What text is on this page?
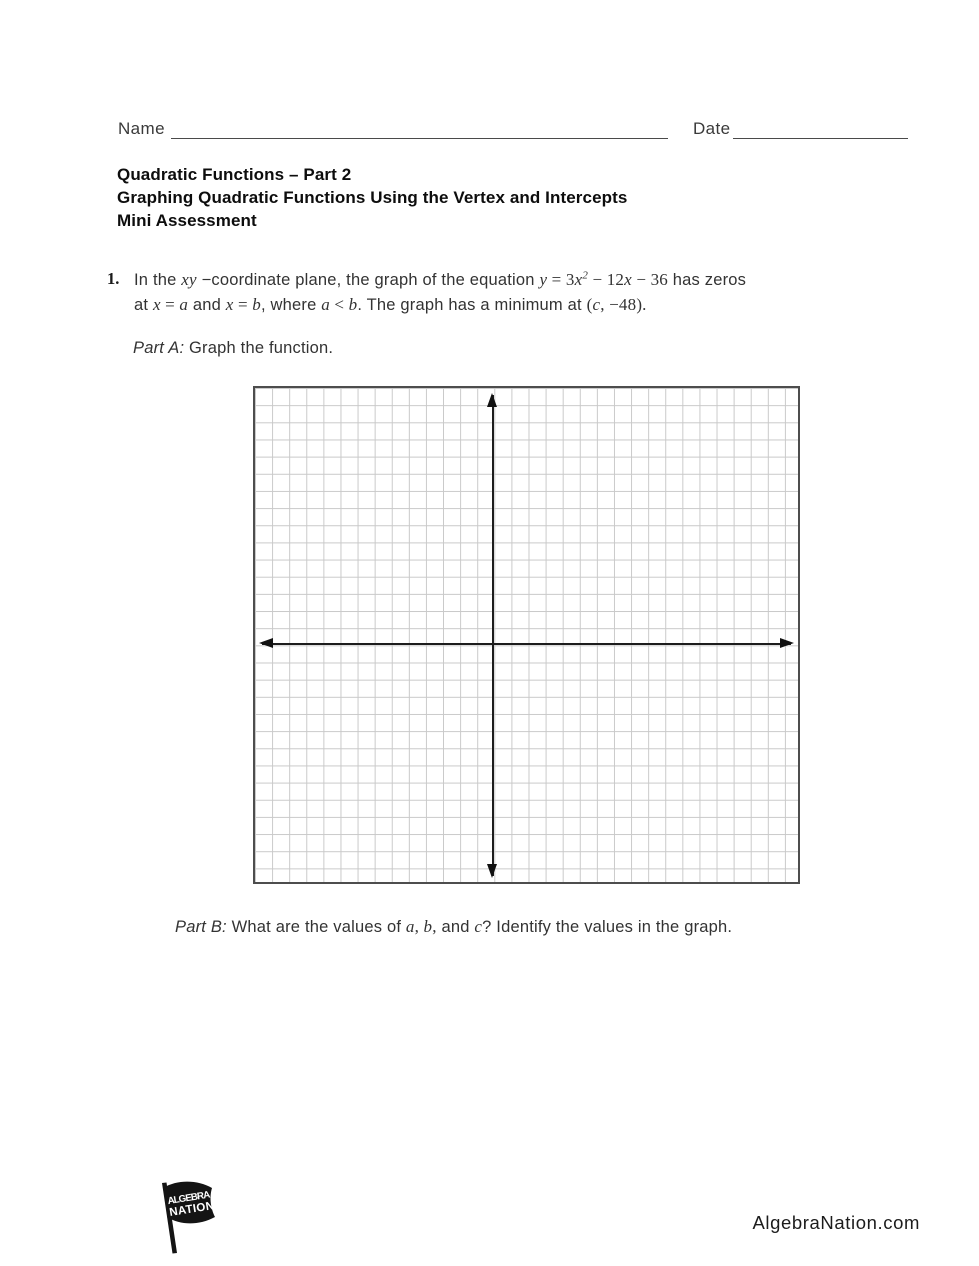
Name	Date
Quadratic Functions – Part 2
Graphing Quadratic Functions Using the Vertex and Intercepts
Mini Assessment
1. In the xy −coordinate plane, the graph of the equation $y = 3x^2 - 12x - 36$ has zeros
at x = a and x = b, where a < b. The graph has a minimum at (c, −48).
Part A: Graph the function.
Part B: What are the values of a, b, and c? Identify the values in the graph.
ALGEBRA
NATION
AlgebraNation.com
